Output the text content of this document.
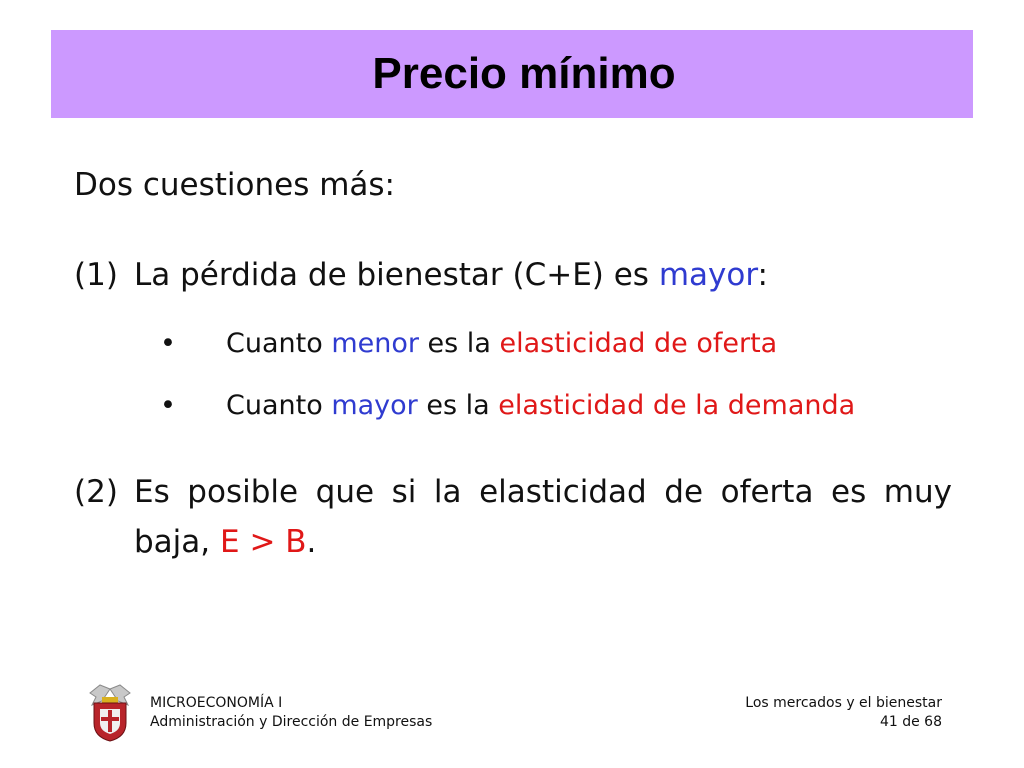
Precio mínimo
Dos cuestiones más:
(1) La pérdida de bienestar (C+E) es mayor:
•	Cuanto menor es la elasticidad de oferta
•	Cuanto mayor es la elasticidad de la demanda
(2) Es posible que si la elasticidad de oferta es muy baja, E > B.
MICROECONOMÍA I
Administración y Dirección de Empresas
Los mercados y el bienestar
41 de 68
